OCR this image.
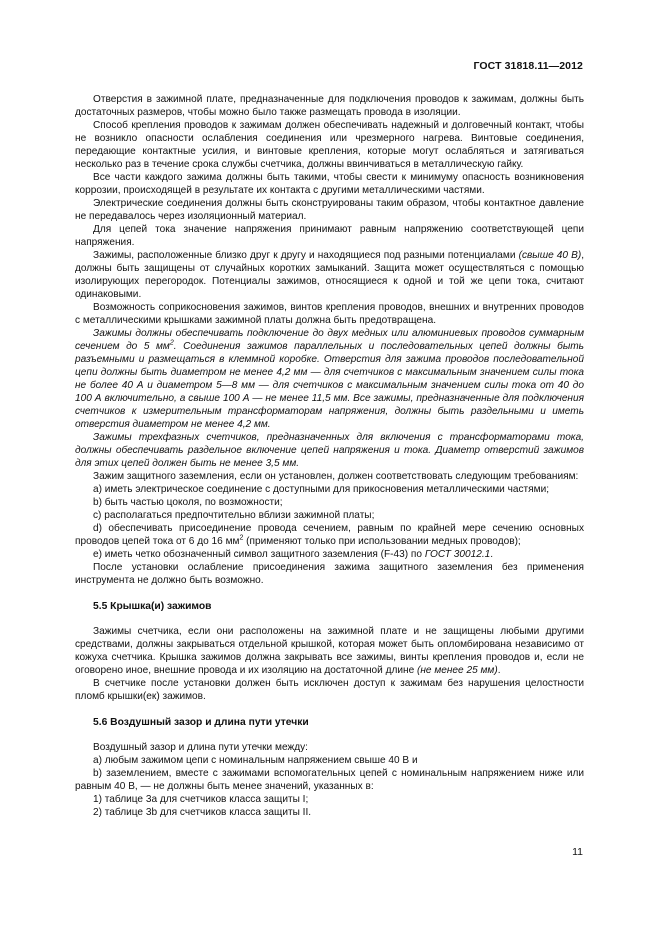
ГОСТ 31818.11—2012

Отверстия в зажимной плате, предназначенные для подключения проводов к зажимам, должны быть достаточных размеров, чтобы можно было также размещать провода в изоляции.

Способ крепления проводов к зажимам должен обеспечивать надежный и долговечный контакт, чтобы не возникло опасности ослабления соединения или чрезмерного нагрева. Винтовые соединения, передающие контактные усилия, и винтовые крепления, которые могут ослабляться и затягиваться несколько раз в течение срока службы счетчика, должны ввинчиваться в металлическую гайку.

Все части каждого зажима должны быть такими, чтобы свести к минимуму опасность возникновения коррозии, происходящей в результате их контакта с другими металлическими частями.

Электрические соединения должны быть сконструированы таким образом, чтобы контактное давление не передавалось через изоляционный материал.

Для цепей тока значение напряжения принимают равным напряжению соответствующей цепи напряжения.

Зажимы, расположенные близко друг к другу и находящиеся под разными потенциалами (свыше 40 В), должны быть защищены от случайных коротких замыканий. Защита может осуществляться с помощью изолирующих перегородок. Потенциалы зажимов, относящиеся к одной и той же цепи тока, считают одинаковыми.

Возможность соприкосновения зажимов, винтов крепления проводов, внешних и внутренних проводов с металлическими крышками зажимной платы должна быть предотвращена.

Зажимы должны обеспечивать подключение до двух медных или алюминиевых проводов суммарным сечением до 5 $мм^2$. Соединения зажимов параллельных и последовательных цепей должны быть разъемными и размещаться в клеммной коробке. Отверстия для зажима проводов последовательной цепи должны быть диаметром не менее 4,2 мм — для счетчиков с максимальным значением силы тока не более 40 А и диаметром 5—8 мм — для счетчиков с максимальным значением силы тока от 40 до 100 А включительно, а свыше 100 А — не менее 11,5 мм. Все зажимы, предназначенные для подключения счетчиков к измерительным трансформаторам напряжения, должны быть раздельными и иметь отверстия диаметром не менее 4,2 мм.

Зажимы трехфазных счетчиков, предназначенных для включения с трансформаторами тока, должны обеспечивать раздельное включение цепей напряжения и тока. Диаметр отверстий зажимов для этих цепей должен быть не менее 3,5 мм.

Зажим защитного заземления, если он установлен, должен соответствовать следующим требованиям:

а) иметь электрическое соединение с доступными для прикосновения металлическими частями;

b) быть частью цоколя, по возможности;

c) располагаться предпочтительно вблизи зажимной платы;

d) обеспечивать присоединение провода сечением, равным по крайней мере сечению основных проводов цепей тока от 6 до 16 $мм^2$ (применяют только при использовании медных проводов);

e) иметь четко обозначенный символ защитного заземления (F-43) по ГОСТ 30012.1.

После установки ослабление присоединения зажима защитного заземления без применения инструмента не должно быть возможно.

5.5 Крышка(и) зажимов

Зажимы счетчика, если они расположены на зажимной плате и не защищены любыми другими средствами, должны закрываться отдельной крышкой, которая может быть опломбирована независимо от кожуха счетчика. Крышка зажимов должна закрывать все зажимы, винты крепления проводов и, если не оговорено иное, внешние провода и их изоляцию на достаточной длине (не менее 25 мм).

В счетчике после установки должен быть исключен доступ к зажимам без нарушения целостности пломб крышки(ек) зажимов.

5.6 Воздушный зазор и длина пути утечки

Воздушный зазор и длина пути утечки между:

а) любым зажимом цепи с номинальным напряжением свыше 40 В и

b) заземлением, вместе с зажимами вспомогательных цепей с номинальным напряжением ниже или равным 40 В, — не должны быть менее значений, указанных в:

1) таблице 3а для счетчиков класса защиты I;

2) таблице 3b для счетчиков класса защиты II.

11
